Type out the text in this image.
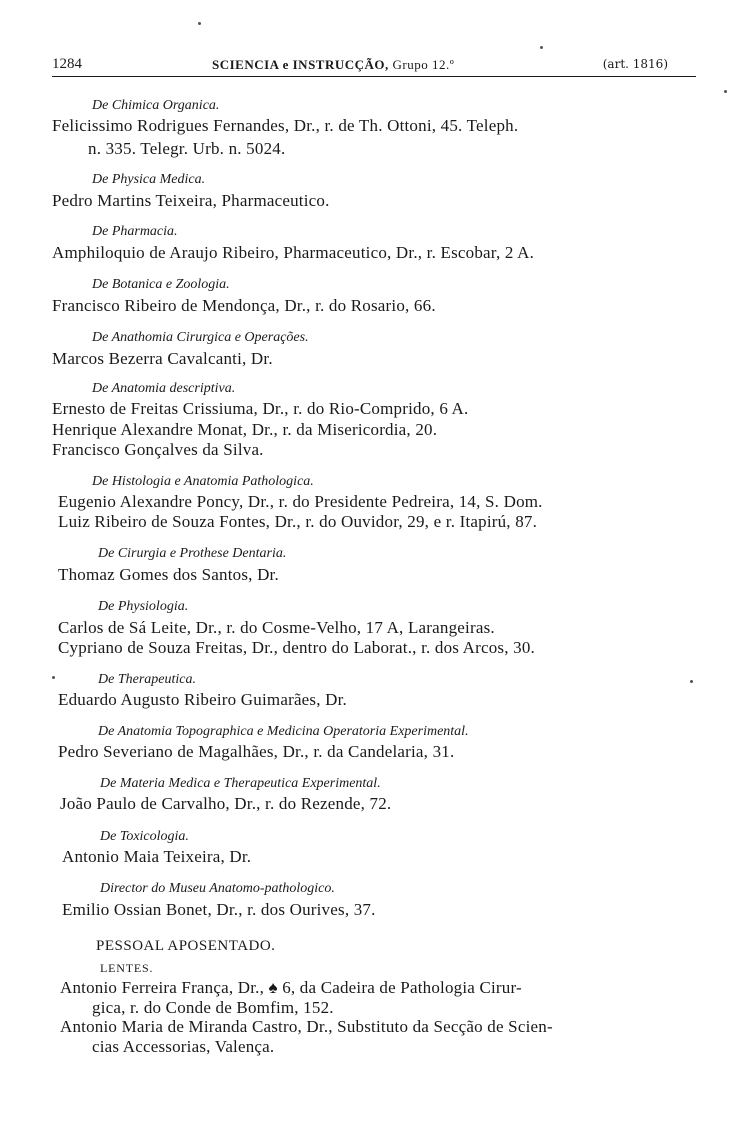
1284	SCIENCIA e INSTRUCÇÃO, Grupo 12.º	(art. 1816)
De Chimica Organica.
Felicissimo Rodrigues Fernandes, Dr., r. de Th. Ottoni, 45. Teleph.
n. 335. Telegr. Urb. n. 5024.
De Physica Medica.
Pedro Martins Teixeira, Pharmaceutico.
De Pharmacia.
Amphiloquio de Araujo Ribeiro, Pharmaceutico, Dr., r. Escobar, 2 A.
De Botanica e Zoologia.
Francisco Ribeiro de Mendonça, Dr., r. do Rosario, 66.
De Anathomia Cirurgica e Operações.
Marcos Bezerra Cavalcanti, Dr.
De Anatomia descriptiva.
Ernesto de Freitas Crissiuma, Dr., r. do Rio-Comprido, 6 A.
Henrique Alexandre Monat, Dr., r. da Misericordia, 20.
Francisco Gonçalves da Silva.
De Histologia e Anatomia Pathologica.
Eugenio Alexandre Poncy, Dr., r. do Presidente Pedreira, 14, S. Dom.
Luiz Ribeiro de Souza Fontes, Dr., r. do Ouvidor, 29, e r. Itapirú, 87.
De Cirurgia e Prothese Dentaria.
Thomaz Gomes dos Santos, Dr.
De Physiologia.
Carlos de Sá Leite, Dr., r. do Cosme-Velho, 17 A, Larangeiras.
Cypriano de Souza Freitas, Dr., dentro do Laborat., r. dos Arcos, 30.
De Therapeutica.
Eduardo Augusto Ribeiro Guimarães, Dr.
De Anatomia Topographica e Medicina Operatoria Experimental.
Pedro Severiano de Magalhães, Dr., r. da Candelaria, 31.
De Materia Medica e Therapeutica Experimental.
João Paulo de Carvalho, Dr., r. do Rezende, 72.
De Toxicologia.
Antonio Maia Teixeira, Dr.
Director do Museu Anatomo-pathologico.
Emilio Ossian Bonet, Dr., r. dos Ourives, 37.
PESSOAL APOSENTADO.
LENTES.
Antonio Ferreira França, Dr., ♠ 6, da Cadeira de Pathologia Cirur-
gica, r. do Conde de Bomfim, 152.
Antonio Maria de Miranda Castro, Dr., Substituto da Secção de Scien-
cias Accessorias, Valença.
